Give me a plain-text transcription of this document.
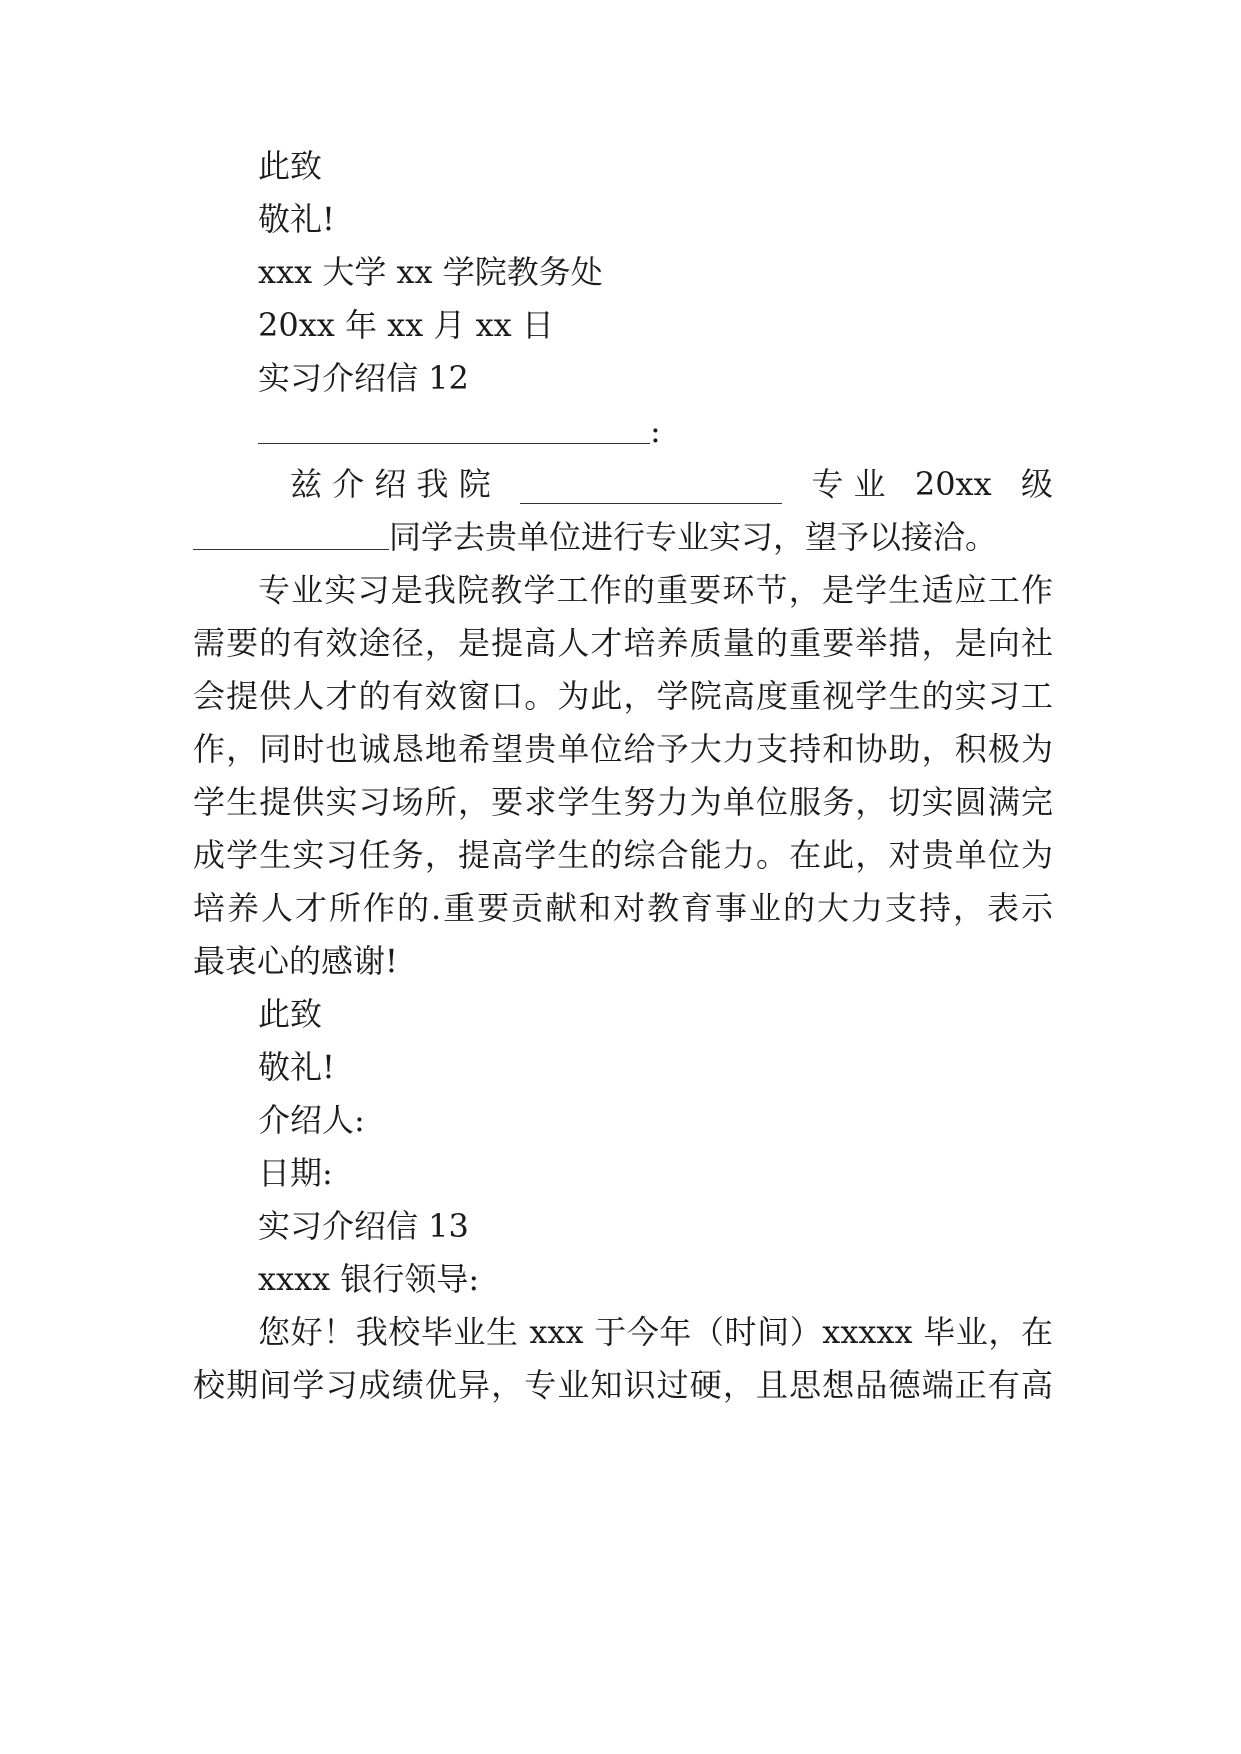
此致
敬礼!
xxx 大学 xx 学院教务处
20xx 年 xx 月 xx 日
实习介绍信 12
:
兹 介 绍 我 院	专 业 20xx 级
同学去贵单位进行专业实习，望予以接洽。
专业实习是我院教学工作的重要环节，是学生适应工作
需要的有效途径，是提高人才培养质量的重要举措，是向社
会提供人才的有效窗口。为此，学院高度重视学生的实习工
作，同时也诚恳地希望贵单位给予大力支持和协助，积极为
学生提供实习场所，要求学生努力为单位服务，切实圆满完
成学生实习任务，提高学生的综合能力。在此，对贵单位为
培养人才所作的.重要贡献和对教育事业的大力支持，表示
最衷心的感谢!
此致
敬礼!
介绍人:
日期:
实习介绍信 13
xxxx 银行领导:
您好！我校毕业生 xxx 于今年（时间）xxxxx 毕业，在
校期间学习成绩优异，专业知识过硬，且思想品德端正有高
